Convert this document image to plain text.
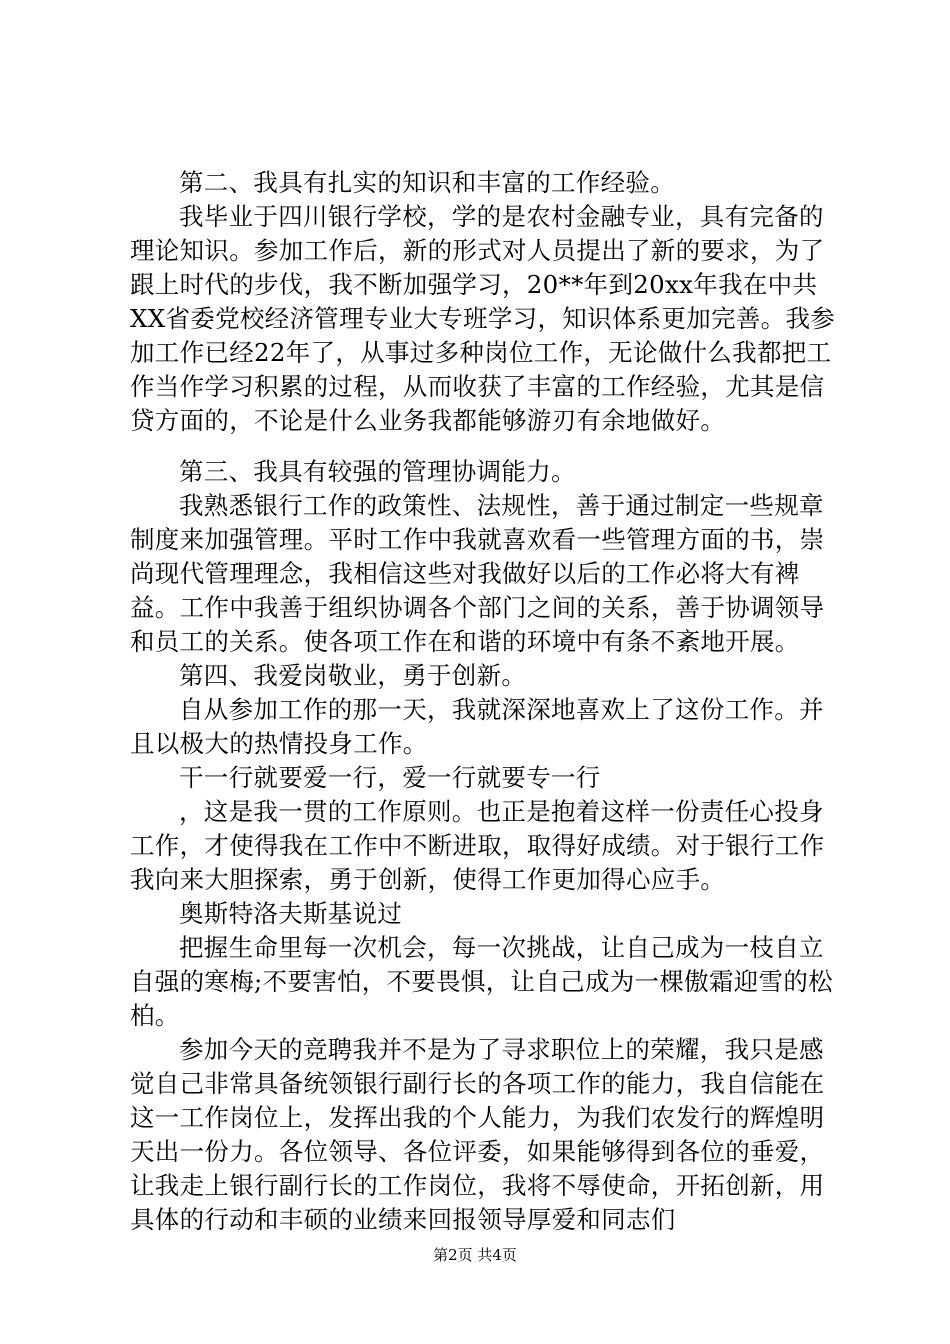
第二、我具有扎实的知识和丰富的工作经验。

我毕业于四川银行学校，学的是农村金融专业，具有完备的理论知识。参加工作后，新的形式对人员提出了新的要求，为了跟上时代的步伐，我不断加强学习，20**年到20xx年我在中共XX省委党校经济管理专业大专班学习，知识体系更加完善。我参加工作已经22年了，从事过多种岗位工作，无论做什么我都把工作当作学习积累的过程，从而收获了丰富的工作经验，尤其是信贷方面的，不论是什么业务我都能够游刃有余地做好。

第三、我具有较强的管理协调能力。

我熟悉银行工作的政策性、法规性，善于通过制定一些规章制度来加强管理。平时工作中我就喜欢看一些管理方面的书，崇尚现代管理理念，我相信这些对我做好以后的工作必将大有裨益。工作中我善于组织协调各个部门之间的关系，善于协调领导和员工的关系。使各项工作在和谐的环境中有条不紊地开展。

第四、我爱岗敬业，勇于创新。

自从参加工作的那一天，我就深深地喜欢上了这份工作。并且以极大的热情投身工作。

干一行就要爱一行，爱一行就要专一行

，这是我一贯的工作原则。也正是抱着这样一份责任心投身工作，才使得我在工作中不断进取，取得好成绩。对于银行工作我向来大胆探索，勇于创新，使得工作更加得心应手。

奥斯特洛夫斯基说过

把握生命里每一次机会，每一次挑战，让自己成为一枝自立自强的寒梅;不要害怕，不要畏惧，让自己成为一棵傲霜迎雪的松柏。

参加今天的竞聘我并不是为了寻求职位上的荣耀，我只是感觉自己非常具备统领银行副行长的各项工作的能力，我自信能在这一工作岗位上，发挥出我的个人能力，为我们农发行的辉煌明天出一份力。各位领导、各位评委，如果能够得到各位的垂爱，让我走上银行副行长的工作岗位，我将不辱使命，开拓创新，用具体的行动和丰硕的业绩来回报领导厚爱和同志们

第2页 共4页
